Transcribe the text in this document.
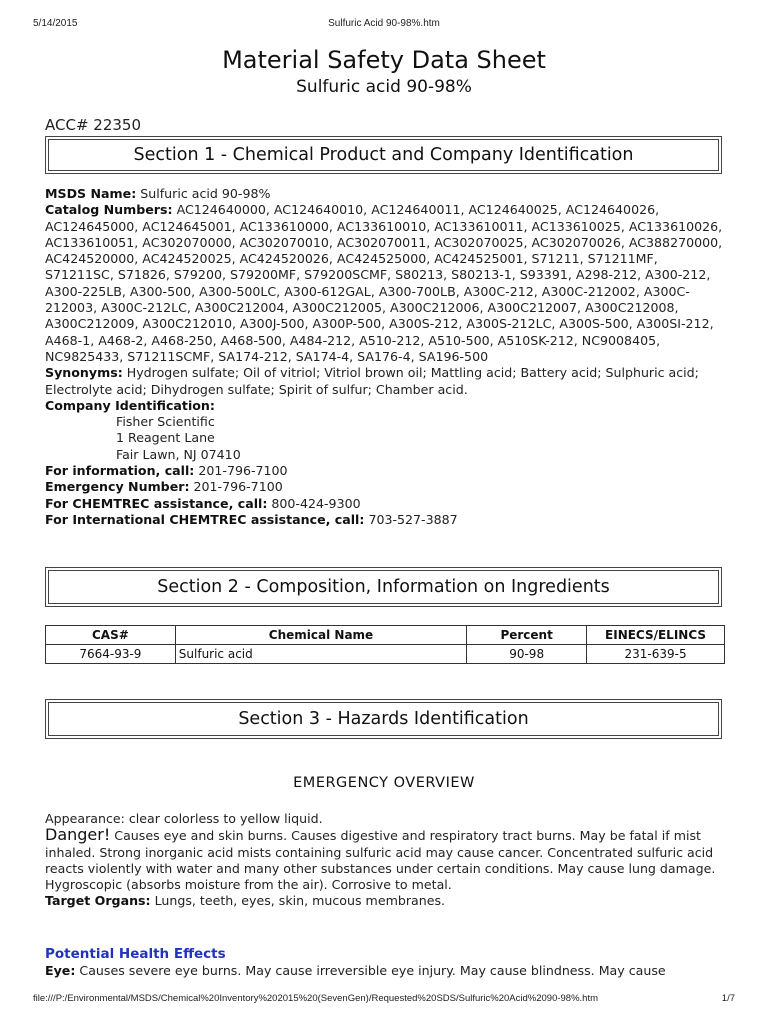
5/14/2015	Sulfuric Acid 90-98%.htm
Material Safety Data Sheet
Sulfuric acid 90-98%
ACC# 22350
Section 1 - Chemical Product and Company Identification
MSDS Name: Sulfuric acid 90-98%
Catalog Numbers: AC124640000, AC124640010, AC124640011, AC124640025, AC124640026, AC124645000, AC124645001, AC133610000, AC133610010, AC133610011, AC133610025, AC133610026, AC133610051, AC302070000, AC302070010, AC302070011, AC302070025, AC302070026, AC388270000, AC424520000, AC424520025, AC424520026, AC424525000, AC424525001, S71211, S71211MF, S71211SC, S71826, S79200, S79200MF, S79200SCMF, S80213, S80213-1, S93391, A298-212, A300-212, A300-225LB, A300-500, A300-500LC, A300-612GAL, A300-700LB, A300C-212, A300C-212002, A300C-212003, A300C-212LC, A300C212004, A300C212005, A300C212006, A300C212007, A300C212008, A300C212009, A300C212010, A300J-500, A300P-500, A300S-212, A300S-212LC, A300S-500, A300SI-212, A468-1, A468-2, A468-250, A468-500, A484-212, A510-212, A510-500, A510SK-212, NC9008405, NC9825433, S71211SCMF, SA174-212, SA174-4, SA176-4, SA196-500
Synonyms: Hydrogen sulfate; Oil of vitriol; Vitriol brown oil; Mattling acid; Battery acid; Sulphuric acid; Electrolyte acid; Dihydrogen sulfate; Spirit of sulfur; Chamber acid.
Company Identification:
Fisher Scientific
1 Reagent Lane
Fair Lawn, NJ 07410
For information, call: 201-796-7100
Emergency Number: 201-796-7100
For CHEMTREC assistance, call: 800-424-9300
For International CHEMTREC assistance, call: 703-527-3887
Section 2 - Composition, Information on Ingredients
CAS#	Chemical Name	Percent	EINECS/ELINCS
7664-93-9	Sulfuric acid	90-98	231-639-5
Section 3 - Hazards Identification
EMERGENCY OVERVIEW
Appearance: clear colorless to yellow liquid.
Danger! Causes eye and skin burns. Causes digestive and respiratory tract burns. May be fatal if mist inhaled. Strong inorganic acid mists containing sulfuric acid may cause cancer. Concentrated sulfuric acid reacts violently with water and many other substances under certain conditions. May cause lung damage. Hygroscopic (absorbs moisture from the air). Corrosive to metal.
Target Organs: Lungs, teeth, eyes, skin, mucous membranes.
Potential Health Effects
Eye: Causes severe eye burns. May cause irreversible eye injury. May cause blindness. May cause
file:///P:/Environmental/MSDS/Chemical%20Inventory%202015%20(SevenGen)/Requested%20SDS/Sulfuric%20Acid%2090-98%.htm	1/7
